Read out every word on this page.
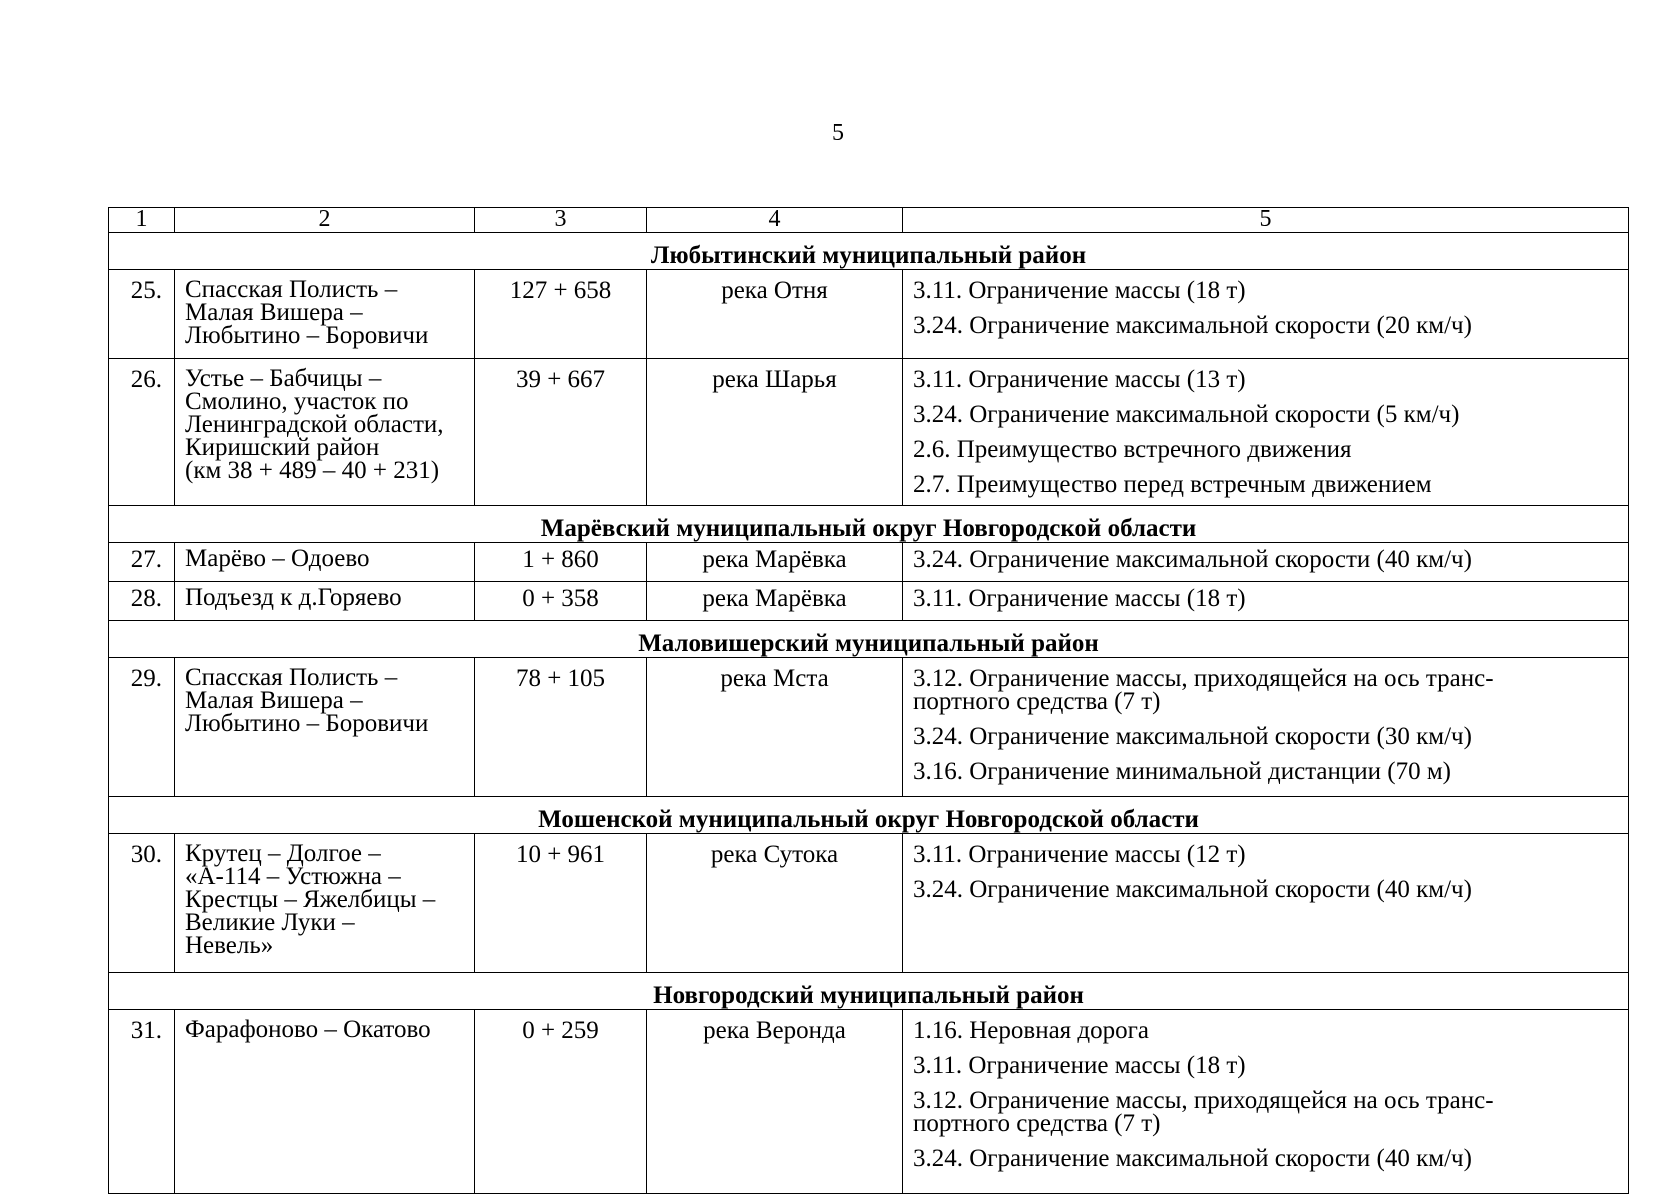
5
1	2	3	4	5
Любытинский муниципальный район				
25.	Спасская Полисть –
Малая Вишера –
Любытино – Боровичи	127 + 658	река Отня	3.11. Ограничение массы (18 т)
3.24. Ограничение максимальной скорости (20 км/ч)

26.	Устье – Бабчицы –
Смолино, участок по
Ленинградской области,
Киришский район
(км 38 + 489 – 40 + 231)	39 + 667	река Шарья	3.11. Ограничение массы (13 т)
3.24. Ограничение максимальной скорости (5 км/ч)
2.6. Преимущество встречного движения
2.7. Преимущество перед встречным движением

Марёвский муниципальный округ Новгородской области				
27.	Марёво – Одоево	1 + 860	река Марёвка	3.24. Ограничение максимальной скорости (40 км/ч)

28.	Подъезд к д.Горяево	0 + 358	река Марёвка	3.11. Ограничение массы (18 т)

Маловишерский муниципальный район				
29.	Спасская Полисть –
Малая Вишера –
Любытино – Боровичи	78 + 105	река Мста	3.12. Ограничение массы, приходящейся на ось транс-
портного средства (7 т)
3.24. Ограничение максимальной скорости (30 км/ч)
3.16. Ограничение минимальной дистанции (70 м)

Мошенской муниципальный округ Новгородской области				
30.	Крутец – Долгое –
«А-114 – Устюжна –
Крестцы – Яжелбицы –
Великие Луки –
Невель»	10 + 961	река Сутока	3.11. Ограничение массы (12 т)
3.24. Ограничение максимальной скорости (40 км/ч)

Новгородский муниципальный район				
31.	Фарафоново – Окатово	0 + 259	река Веронда	1.16. Неровная дорога
3.11. Ограничение массы (18 т)
3.12. Ограничение массы, приходящейся на ось транс-
портного средства (7 т)
3.24. Ограничение максимальной скорости (40 км/ч)
